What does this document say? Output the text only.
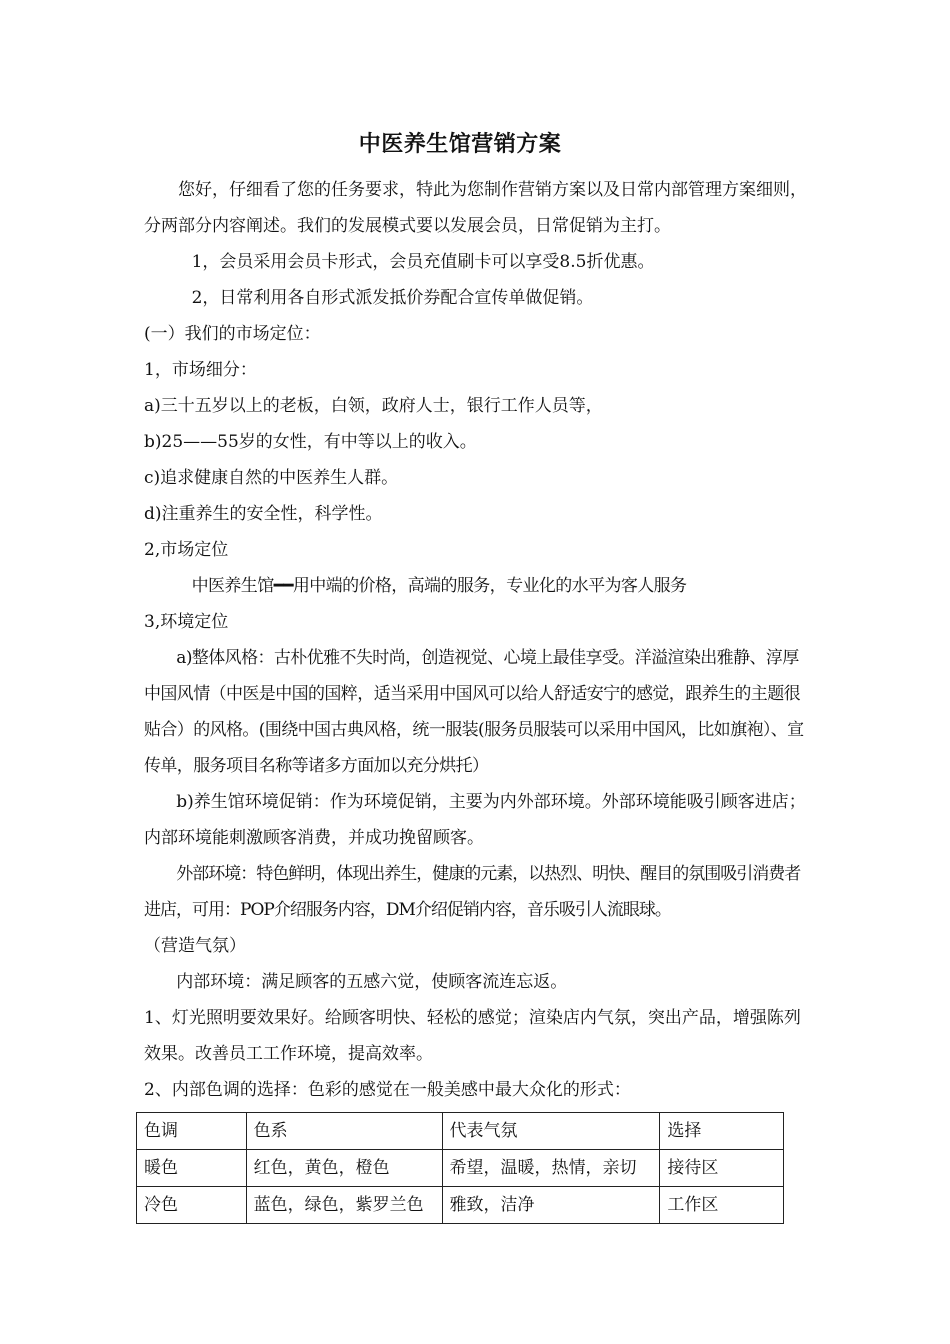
中医养生馆营销方案

您好，仔细看了您的任务要求，特此为您制作营销方案以及日常内部管理方案细则，分两部分内容阐述。我们的发展模式要以发展会员，日常促销为主打。

1，会员采用会员卡形式，会员充值刷卡可以享受8.5折优惠。

2，日常利用各自形式派发抵价券配合宣传单做促销。

(一）我们的市场定位：

1，市场细分：

a)三十五岁以上的老板，白领，政府人士，银行工作人员等，

b)25——55岁的女性，有中等以上的收入。

c)追求健康自然的中医养生人群。

d)注重养生的安全性，科学性。

2,市场定位

中医养生馆━━用中端的价格，高端的服务，专业化的水平为客人服务

3,环境定位

a)整体风格：古朴优雅不失时尚，创造视觉、心境上最佳享受。洋溢渲染出雅静、淳厚中国风情（中医是中国的国粹，适当采用中国风可以给人舒适安宁的感觉，跟养生的主题很贴合）的风格。(围绕中国古典风格，统一服装(服务员服装可以采用中国风，比如旗袍）、宣传单，服务项目名称等诸多方面加以充分烘托）

b)养生馆环境促销：作为环境促销，主要为内外部环境。外部环境能吸引顾客进店；内部环境能刺激顾客消费，并成功挽留顾客。

外部环境：特色鲜明，体现出养生，健康的元素，以热烈、明快、醒目的氛围吸引消费者进店，可用：POP介绍服务内容，DM介绍促销内容，音乐吸引人流眼球。

（营造气氛）

内部环境：满足顾客的五感六觉，使顾客流连忘返。

1、灯光照明要效果好。给顾客明快、轻松的感觉；渲染店内气氛，突出产品，增强陈列效果。改善员工工作环境，提高效率。

2、内部色调的选择：色彩的感觉在一般美感中最大众化的形式：

色调	色系	代表气氛	选择
暖色	红色，黄色，橙色	希望，温暖，热情，亲切	接待区
冷色	蓝色，绿色，紫罗兰色	雅致，洁净	工作区
